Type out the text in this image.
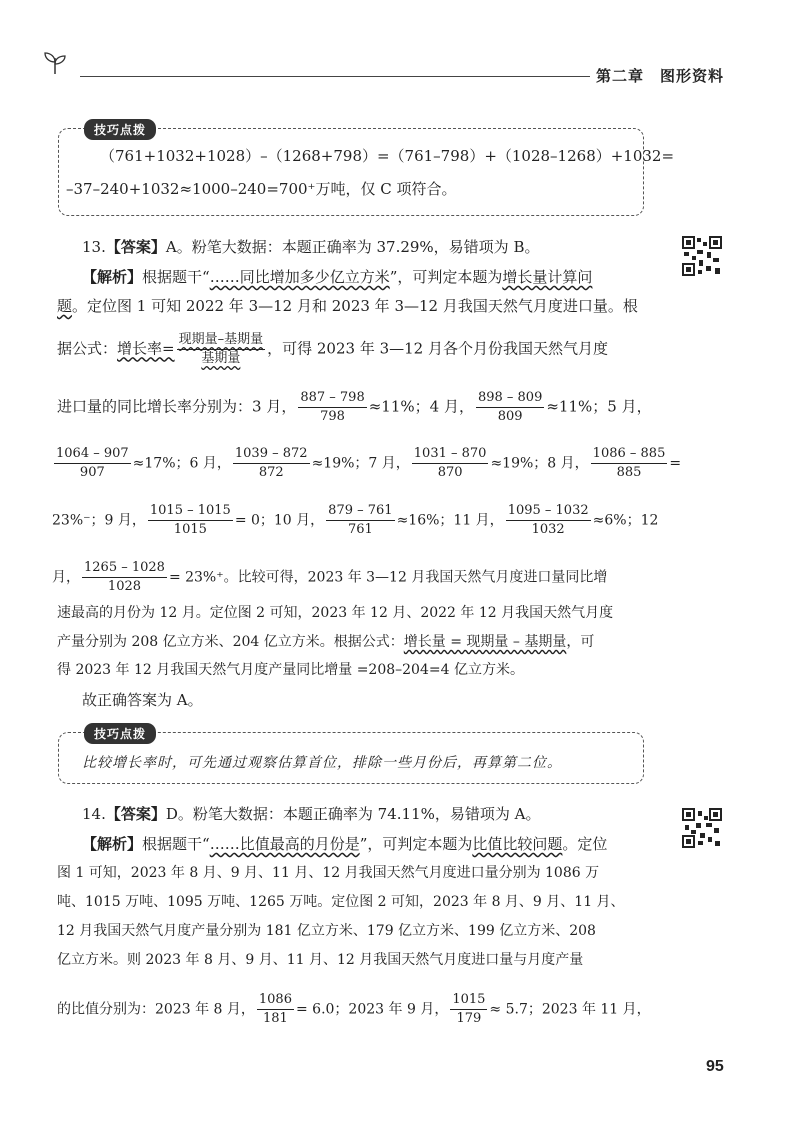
第二章　图形资料
技巧点拨
（761+1032+1028）–（1268+798）=（761–798）+（1028–1268）+1032=
–37–240+1032≈1000–240=700⁺万吨，仅 C 项符合。
13.【答案】A。粉笔大数据：本题正确率为 37.29%，易错项为 B。
【解析】根据题干“……同比增加多少亿立方米”，可判定本题为增长量计算问
题。定位图 1 可知 2022 年 3—12 月和 2023 年 3—12 月我国天然气月度进口量。根
据公式：增长率= $\frac{\text{现期量–基期量}}{\text{基期量}}$ ，可得 2023 年 3—12 月各个月份我国天然气月度
进口量的同比增长率分别为：3 月， $\frac{887 - 798}{798} \approx 11\%$；4 月， $\frac{898 - 809}{809} \approx 11\%$；5 月，
$\frac{1064 - 907}{907} \approx 17\%$；6 月， $\frac{1039 - 872}{872} \approx 19\%$；7 月， $\frac{1031 - 870}{870} \approx 19\%$；8 月， $\frac{1086 - 885}{885}$ =
23%⁻；9 月， $\frac{1015 - 1015}{1015} = 0$；10 月， $\frac{879 - 761}{761} \approx 16\%$；11 月， $\frac{1095 - 1032}{1032} \approx 6\%$；12
月， $\frac{1265 - 1028}{1028} = 23\%^+$。比较可得，2023 年 3—12 月我国天然气月度进口量同比增
速最高的月份为 12 月。定位图 2 可知，2023 年 12 月、2022 年 12 月我国天然气月度
产量分别为 208 亿立方米、204 亿立方米。根据公式：增长量 = 现期量 – 基期量，可
得 2023 年 12 月我国天然气月度产量同比增量 =208–204=4 亿立方米。
故正确答案为 A。
技巧点拨
比较增长率时，可先通过观察估算首位，排除一些月份后，再算第二位。
14.【答案】D。粉笔大数据：本题正确率为 74.11%，易错项为 A。
【解析】根据题干“……比值最高的月份是”，可判定本题为比值比较问题。定位
图 1 可知，2023 年 8 月、9 月、11 月、12 月我国天然气月度进口量分别为 1086 万
吨、1015 万吨、1095 万吨、1265 万吨。定位图 2 可知，2023 年 8 月、9 月、11 月、
12 月我国天然气月度产量分别为 181 亿立方米、179 亿立方米、199 亿立方米、208
亿立方米。则 2023 年 8 月、9 月、11 月、12 月我国天然气月度进口量与月度产量
的比值分别为：2023 年 8 月， $\frac{1086}{181} = 6.0$；2023 年 9 月， $\frac{1015}{179} \approx 5.7$；2023 年 11 月，
95
